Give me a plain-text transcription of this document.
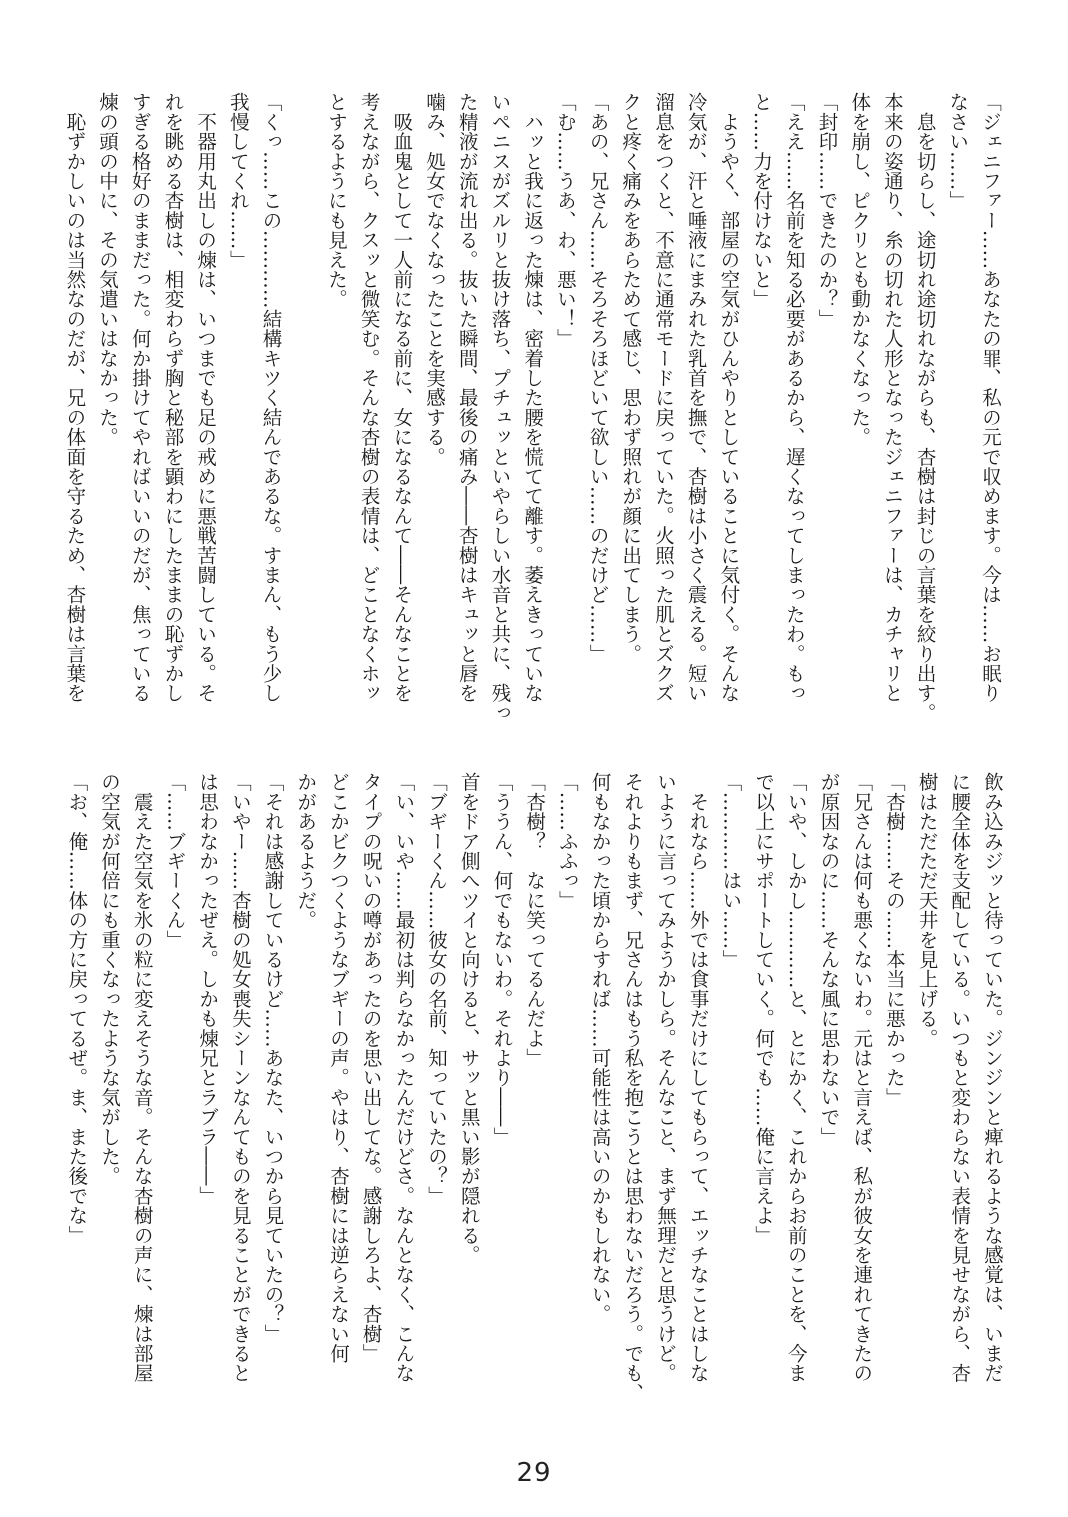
「ジェニファー……あなたの罪、私の元で収めます。今は……お眠り
なさい……」
　息を切らし、途切れ途切れながらも、杏樹は封じの言葉を絞り出す。
本来の姿通り、糸の切れた人形となったジェニファーは、カチャリと
体を崩し、ピクリとも動かなくなった。
「封印……できたのか？」
「ええ……名前を知る必要があるから、遅くなってしまったわ。もっ
と……力を付けないと」
　ようやく、部屋の空気がひんやりとしていることに気付く。そんな
冷気が、汗と唾液にまみれた乳首を撫で、杏樹は小さく震える。短い
溜息をつくと、不意に通常モードに戻っていた。火照った肌とズクズ
クと疼く痛みをあらためて感じ、思わず照れが顔に出てしまう。
「あの、兄さん……そろそろほどいて欲しい……のだけど……」
「む……うあ、わ、悪い！」
　ハッと我に返った煉は、密着した腰を慌てて離す。萎えきっていな
いペニスがズルリと抜け落ち、プチュッといやらしい水音と共に、残っ
た精液が流れ出る。抜いた瞬間、最後の痛み――杏樹はキュッと唇を
噛み、処女でなくなったことを実感する。
　吸血鬼として一人前になる前に、女になるなんて――そんなことを
考えながら、クスッと微笑む。そんな杏樹の表情は、どことなくホッ
とするようにも見えた。
「くっ……この…………結構キツく結んであるな。すまん、もう少し
我慢してくれ……」
　不器用丸出しの煉は、いつまでも足の戒めに悪戦苦闘している。そ
れを眺める杏樹は、相変わらず胸と秘部を顕わにしたままの恥ずかし
すぎる格好のままだった。何か掛けてやればいいのだが、焦っている
煉の頭の中に、その気遣いはなかった。
　恥ずかしいのは当然なのだが、兄の体面を守るため、杏樹は言葉を
飲み込みジッと待っていた。ジンジンと痺れるような感覚は、いまだ
に腰全体を支配している。いつもと変わらない表情を見せながら、杏
樹はただただ天井を見上げる。
「杏樹……その……本当に悪かった」
「兄さんは何も悪くないわ。元はと言えば、私が彼女を連れてきたの
が原因なのに……そんな風に思わないで」
「いや、しかし…………と、とにかく、これからお前のことを、今ま
で以上にサポートしていく。何でも……俺に言えよ」
「…………はい……」
　それなら……外では食事だけにしてもらって、エッチなことはしな
いように言ってみようかしら。そんなこと、まず無理だと思うけど。
それよりもまず、兄さんはもう私を抱こうとは思わないだろう。でも、
何もなかった頃からすれば……可能性は高いのかもしれない。
「……ふふっ」
「杏樹？　なに笑ってるんだよ」
「ううん、何でもないわ。それより――」
首をドア側へツイと向けると、サッと黒い影が隠れる。
「ブギーくん……彼女の名前、知っていたの？」
「い、いや……最初は判らなかったんだけどさ。なんとなく、こんな
タイプの呪いの噂があったのを思い出してな。感謝しろよ、杏樹」
どこかビクつくようなブギーの声。やはり、杏樹には逆らえない何
かがあるようだ。
「それは感謝しているけど……あなた、いつから見ていたの？」
「いやー……杏樹の処女喪失シーンなんてものを見ることができると
は思わなかったぜえ。しかも煉兄とラブラ――」
「……ブギーくん」
　震えた空気を氷の粒に変えそうな音。そんな杏樹の声に、煉は部屋
の空気が何倍にも重くなったような気がした。
「お、俺……体の方に戻ってるぜ。ま、また後でな」
29
